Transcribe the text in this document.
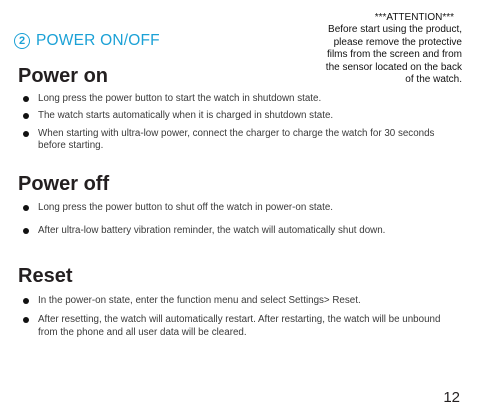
2 POWER ON/OFF
***ATTENTION***
Before start using the product,
please remove the protective
films from the screen and from
the sensor located on the back
of the watch.
Power on
Long press the power button to start the watch in shutdown state.
The watch starts automatically when it is charged in shutdown state.
When starting with ultra-low power, connect the charger to charge the watch for 30 seconds before starting.
Power off
Long press the power button to shut off the watch in power-on state.
After ultra-low battery vibration reminder, the watch will automatically shut down.
Reset
In the power-on state, enter the function menu and select Settings> Reset.
After resetting, the watch will automatically restart. After restarting, the watch will be unbound from the phone and all user data will be cleared.
12
